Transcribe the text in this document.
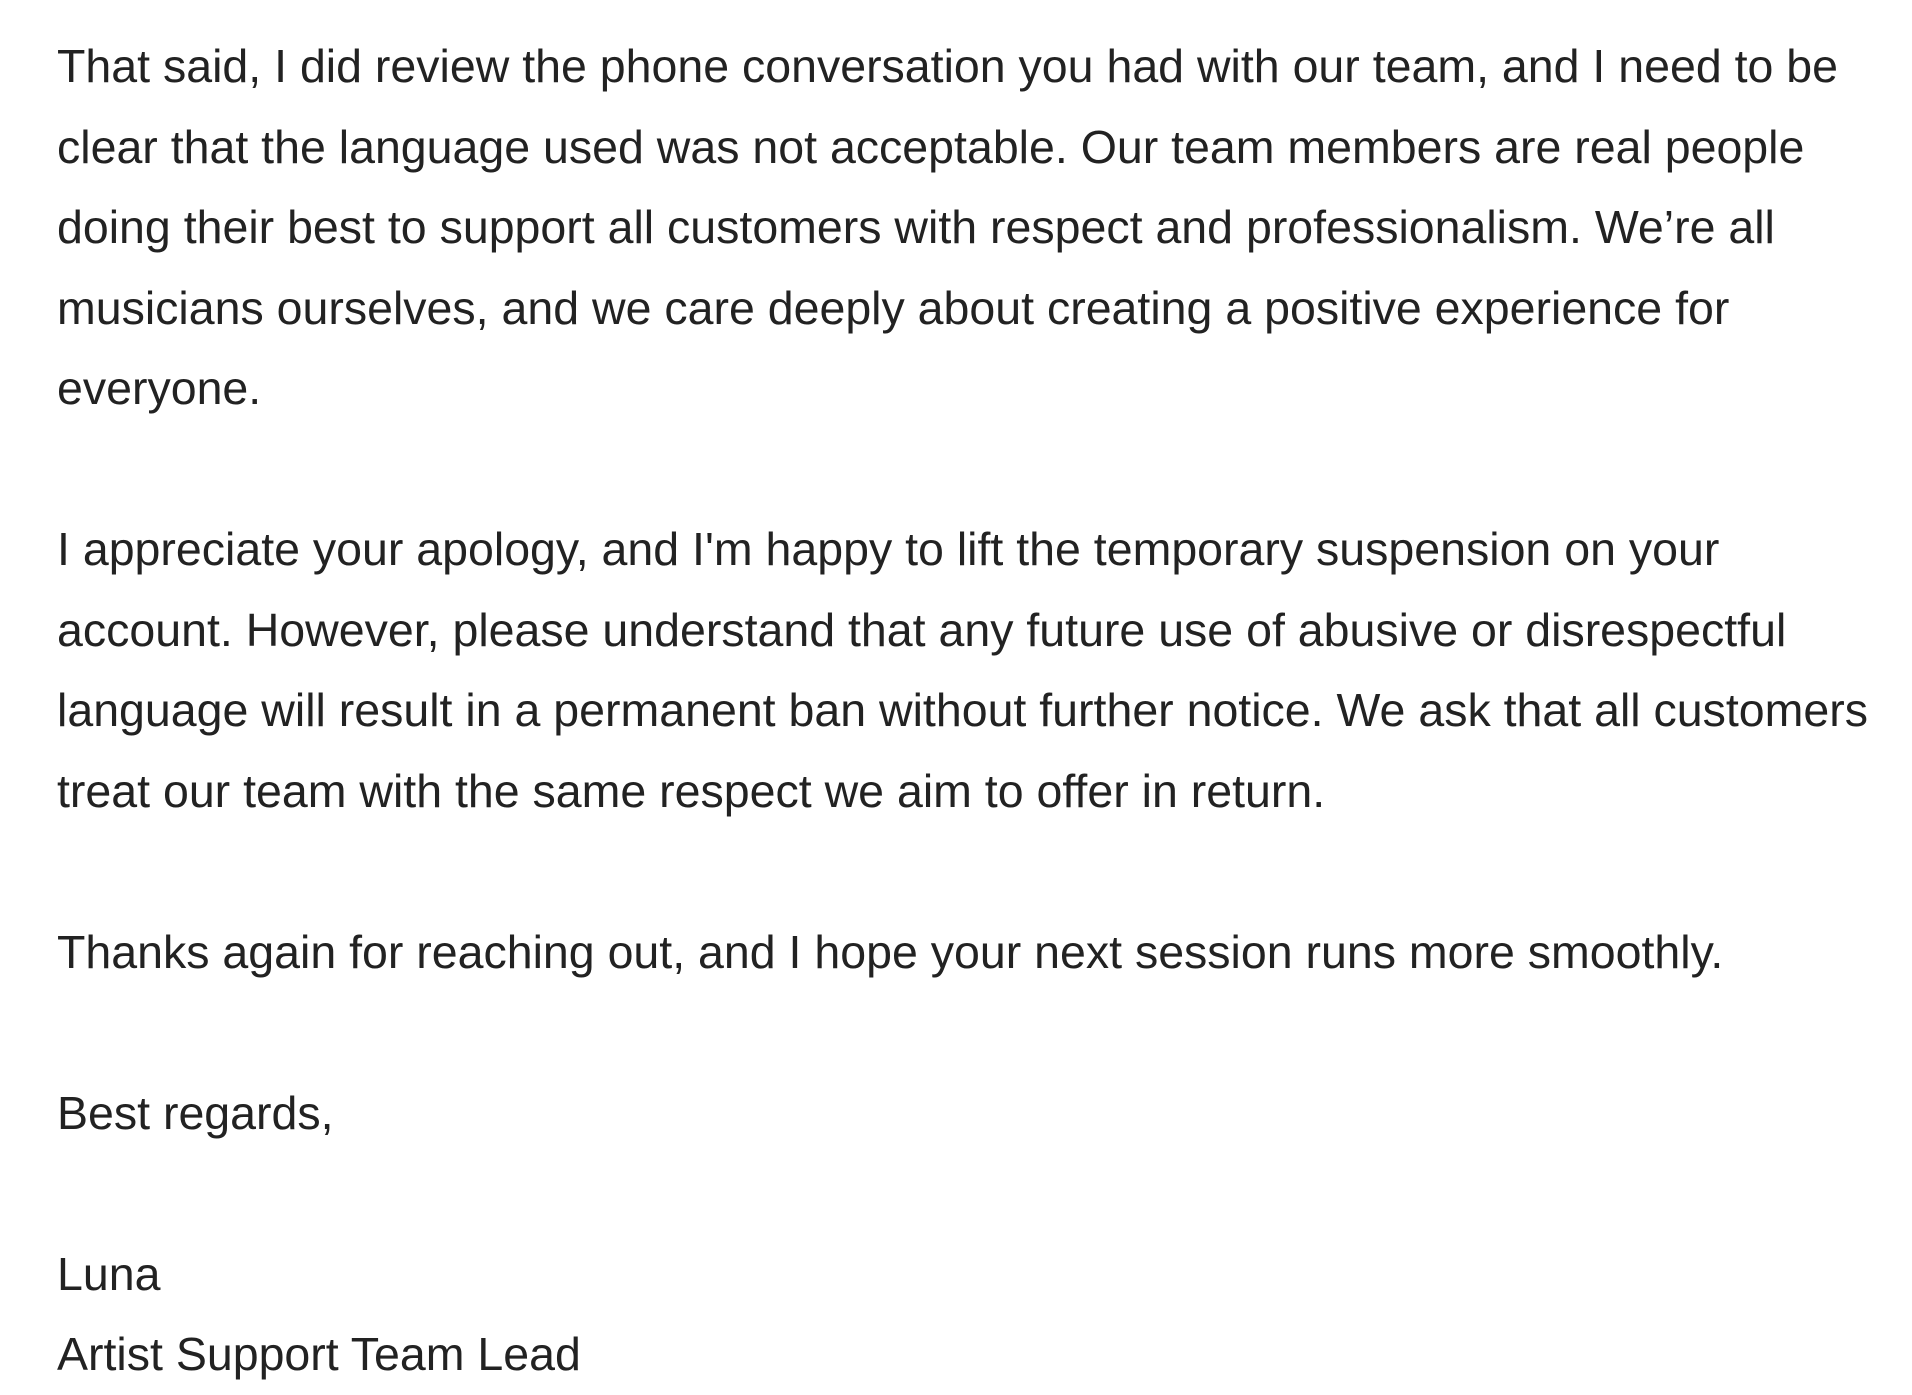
That said, I did review the phone conversation you had with our team, and I need to be clear that the language used was not acceptable. Our team members are real people doing their best to support all customers with respect and professionalism. We’re all musicians ourselves, and we care deeply about creating a positive experience for everyone.

I appreciate your apology, and I'm happy to lift the temporary suspension on your account. However, please understand that any future use of abusive or disrespectful language will result in a permanent ban without further notice. We ask that all customers treat our team with the same respect we aim to offer in return.

Thanks again for reaching out, and I hope your next session runs more smoothly.

Best regards,

Luna

Artist Support Team Lead
